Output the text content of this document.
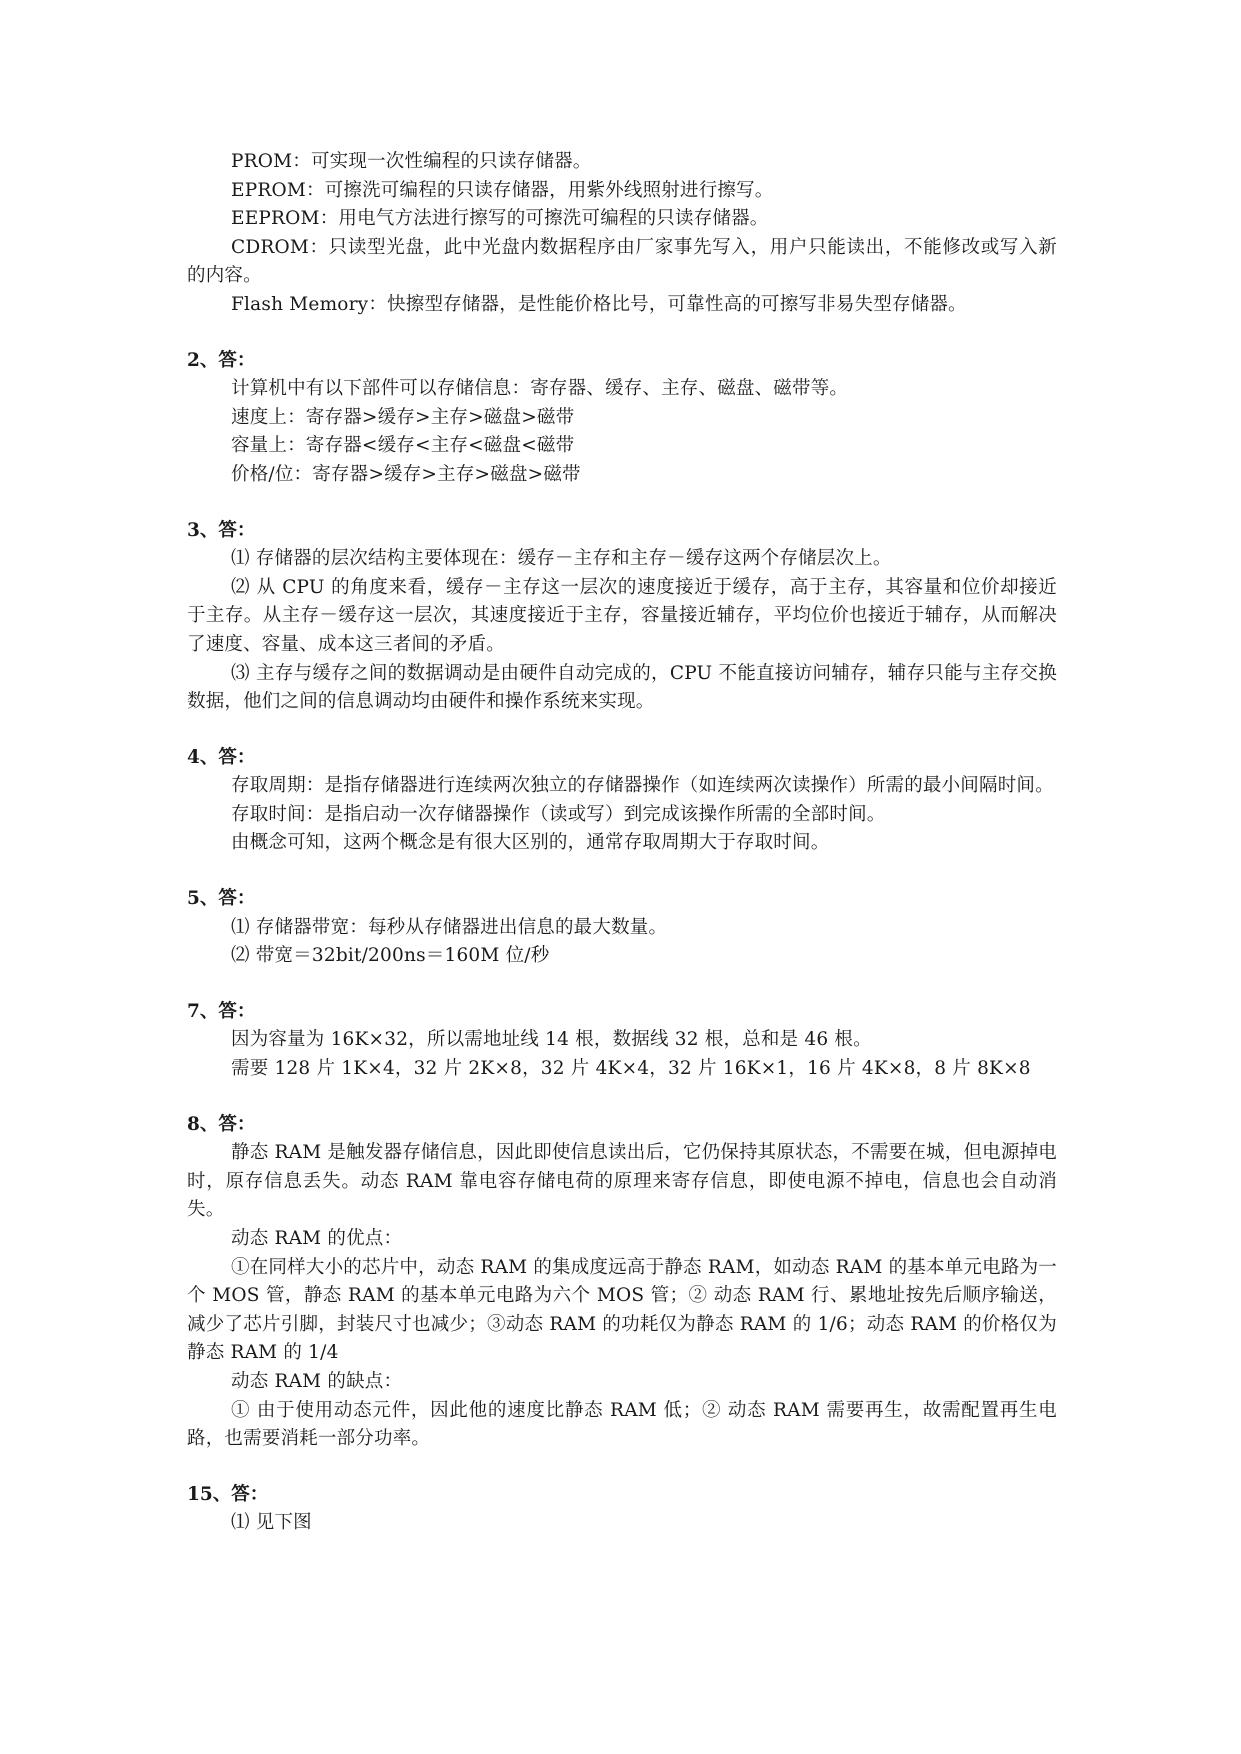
PROM：可实现一次性编程的只读存储器。
EPROM：可擦洗可编程的只读存储器，用紫外线照射进行擦写。
EEPROM：用电气方法进行擦写的可擦洗可编程的只读存储器。
CDROM：只读型光盘，此中光盘内数据程序由厂家事先写入，用户只能读出，不能修改或写入新的内容。
Flash Memory：快擦型存储器，是性能价格比号，可靠性高的可擦写非易失型存储器。
2、答：
计算机中有以下部件可以存储信息：寄存器、缓存、主存、磁盘、磁带等。
速度上：寄存器>缓存>主存>磁盘>磁带
容量上：寄存器<缓存<主存<磁盘<磁带
价格/位：寄存器>缓存>主存>磁盘>磁带
3、答：
⑴ 存储器的层次结构主要体现在：缓存－主存和主存－缓存这两个存储层次上。
⑵ 从 CPU 的角度来看，缓存－主存这一层次的速度接近于缓存，高于主存，其容量和位价却接近于主存。从主存－缓存这一层次，其速度接近于主存，容量接近辅存，平均位价也接近于辅存，从而解决了速度、容量、成本这三者间的矛盾。
⑶ 主存与缓存之间的数据调动是由硬件自动完成的，CPU 不能直接访问辅存，辅存只能与主存交换数据，他们之间的信息调动均由硬件和操作系统来实现。
4、答：
存取周期：是指存储器进行连续两次独立的存储器操作（如连续两次读操作）所需的最小间隔时间。
存取时间：是指启动一次存储器操作（读或写）到完成该操作所需的全部时间。
由概念可知，这两个概念是有很大区别的，通常存取周期大于存取时间。
5、答：
⑴ 存储器带宽：每秒从存储器进出信息的最大数量。
⑵ 带宽＝32bit/200ns＝160M 位/秒
7、答：
因为容量为 16K×32，所以需地址线 14 根，数据线 32 根，总和是 46 根。
需要 128 片 1K×4，32 片 2K×8，32 片 4K×4，32 片 16K×1，16 片 4K×8，8 片 8K×8
8、答：
静态 RAM 是触发器存储信息，因此即使信息读出后，它仍保持其原状态，不需要在城，但电源掉电时，原存信息丢失。动态 RAM 靠电容存储电荷的原理来寄存信息，即使电源不掉电，信息也会自动消失。
动态 RAM 的优点：
①在同样大小的芯片中，动态 RAM 的集成度远高于静态 RAM，如动态 RAM 的基本单元电路为一个 MOS 管，静态 RAM 的基本单元电路为六个 MOS 管；② 动态 RAM 行、累地址按先后顺序输送，减少了芯片引脚，封装尺寸也减少；③动态 RAM 的功耗仅为静态 RAM 的 1/6；动态 RAM 的价格仅为静态 RAM 的 1/4
动态 RAM 的缺点：
① 由于使用动态元件，因此他的速度比静态 RAM 低；② 动态 RAM 需要再生，故需配置再生电路，也需要消耗一部分功率。
15、答：
⑴ 见下图
